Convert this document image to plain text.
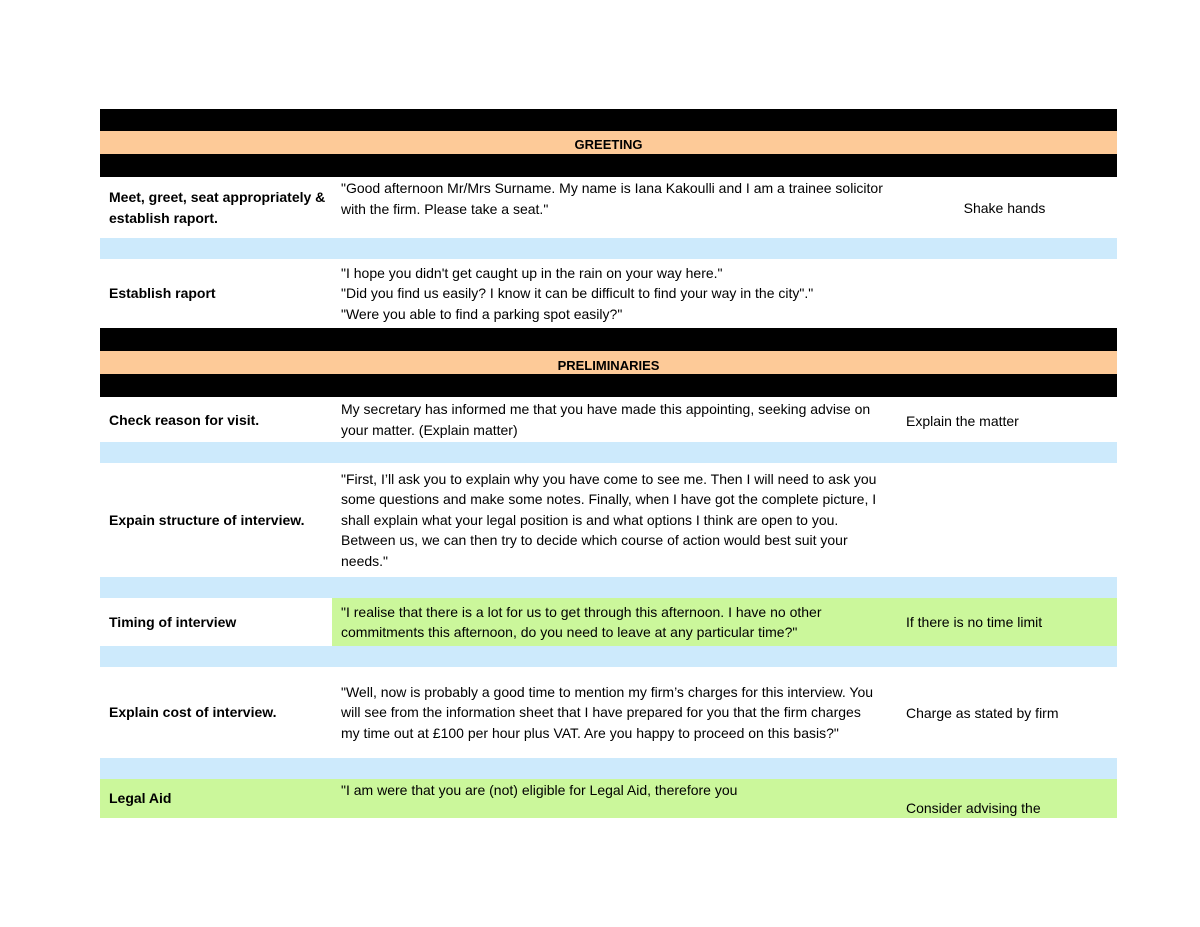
GREETING
Meet, greet, seat appropriately & establish raport.
"Good afternoon Mr/Mrs Surname. My name is Iana Kakoulli and I am a trainee solicitor with the firm. Please take a seat."	Shake hands
Establish raport
"I hope you didn't get caught up in the rain on your way here."
"Did you find us easily? I know it can be difficult to find your way in the city"."
"Were you able to find a parking spot easily?"
PRELIMINARIES
Check reason for visit.
My secretary has informed me that you have made this appointing, seeking advise on your matter. (Explain matter)
Explain the matter
Expain structure of interview.
"First, I’ll ask you to explain why you have come to see me. Then I will need to ask you some questions and make some notes. Finally, when I have got the complete picture, I shall explain what your legal position is and what options I think are open to you. Between us, we can then try to decide which course of action would best suit your needs."
Timing of interview
"I realise that there is a lot for us to get through this afternoon. I have no other commitments this afternoon, do you need to leave at any particular time?"
If there is no time limit
Explain cost of interview.
"Well, now is probably a good time to mention my firm’s charges for this interview. You will see from the information sheet that I have prepared for you that the firm charges my time out at £100 per hour plus VAT. Are you happy to proceed on this basis?"
Charge as stated by firm
Legal Aid	"I am were that you are (not) eligible for Legal Aid, therefore you
Consider advising the
